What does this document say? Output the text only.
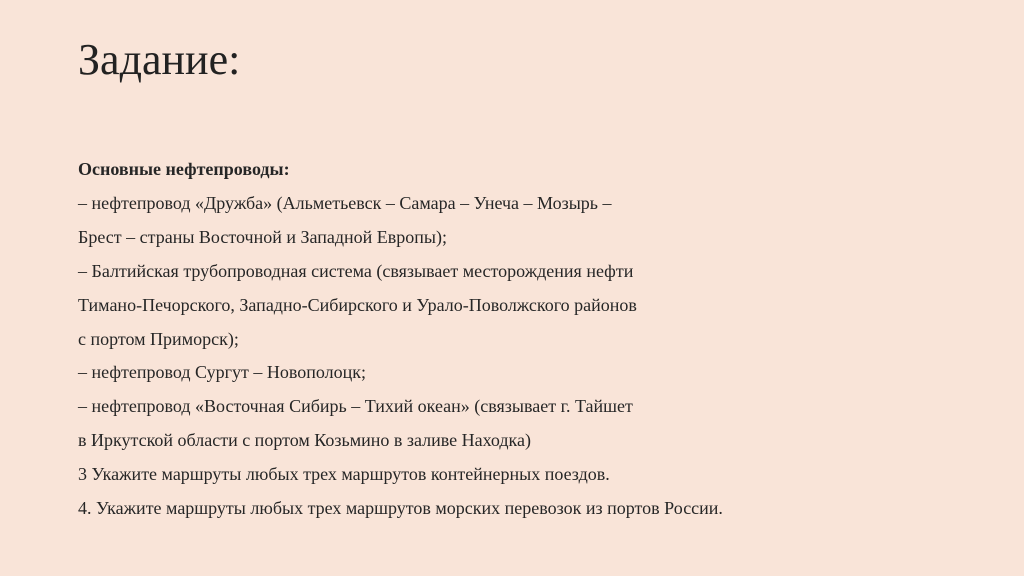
Задание:
Основные нефтепроводы:
– нефтепровод «Дружба» (Альметьевск – Самара – Унеча – Мозырь –
Брест – страны Восточной и Западной Европы);
– Балтийская трубопроводная система (связывает месторождения нефти
Тимано-Печорского, Западно-Сибирского и Урало-Поволжского районов
с портом Приморск);
– нефтепровод Сургут – Новополоцк;
– нефтепровод «Восточная Сибирь – Тихий океан» (связывает г. Тайшет
в Иркутской области с портом Козьмино в заливе Находка)
3 Укажите маршруты любых трех маршрутов контейнерных поездов.
4. Укажите маршруты любых трех маршрутов морских перевозок из портов России.
